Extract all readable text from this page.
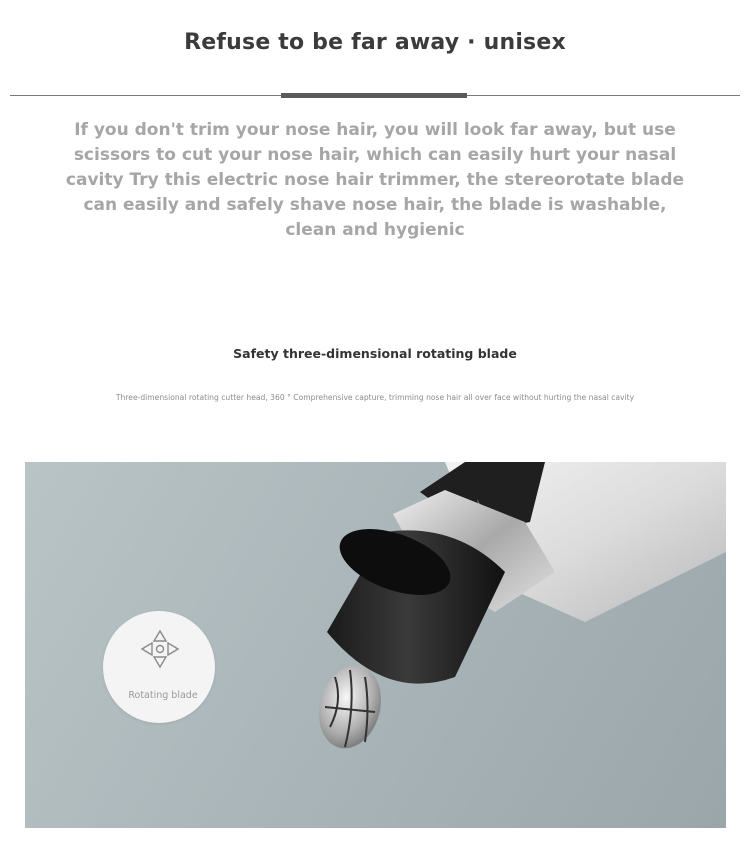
Refuse to be far away · unisex
If you don't trim your nose hair, you will look far away, but use scissors to cut your nose hair, which can easily hurt your nasal cavity Try this electric nose hair trimmer, the stereorotate blade can easily and safely shave nose hair, the blade is washable, clean and hygienic
Safety three-dimensional rotating blade
Three-dimensional rotating cutter head, 360 ° Comprehensive capture, trimming nose hair all over face without hurting the nasal cavity
Rotating blade
